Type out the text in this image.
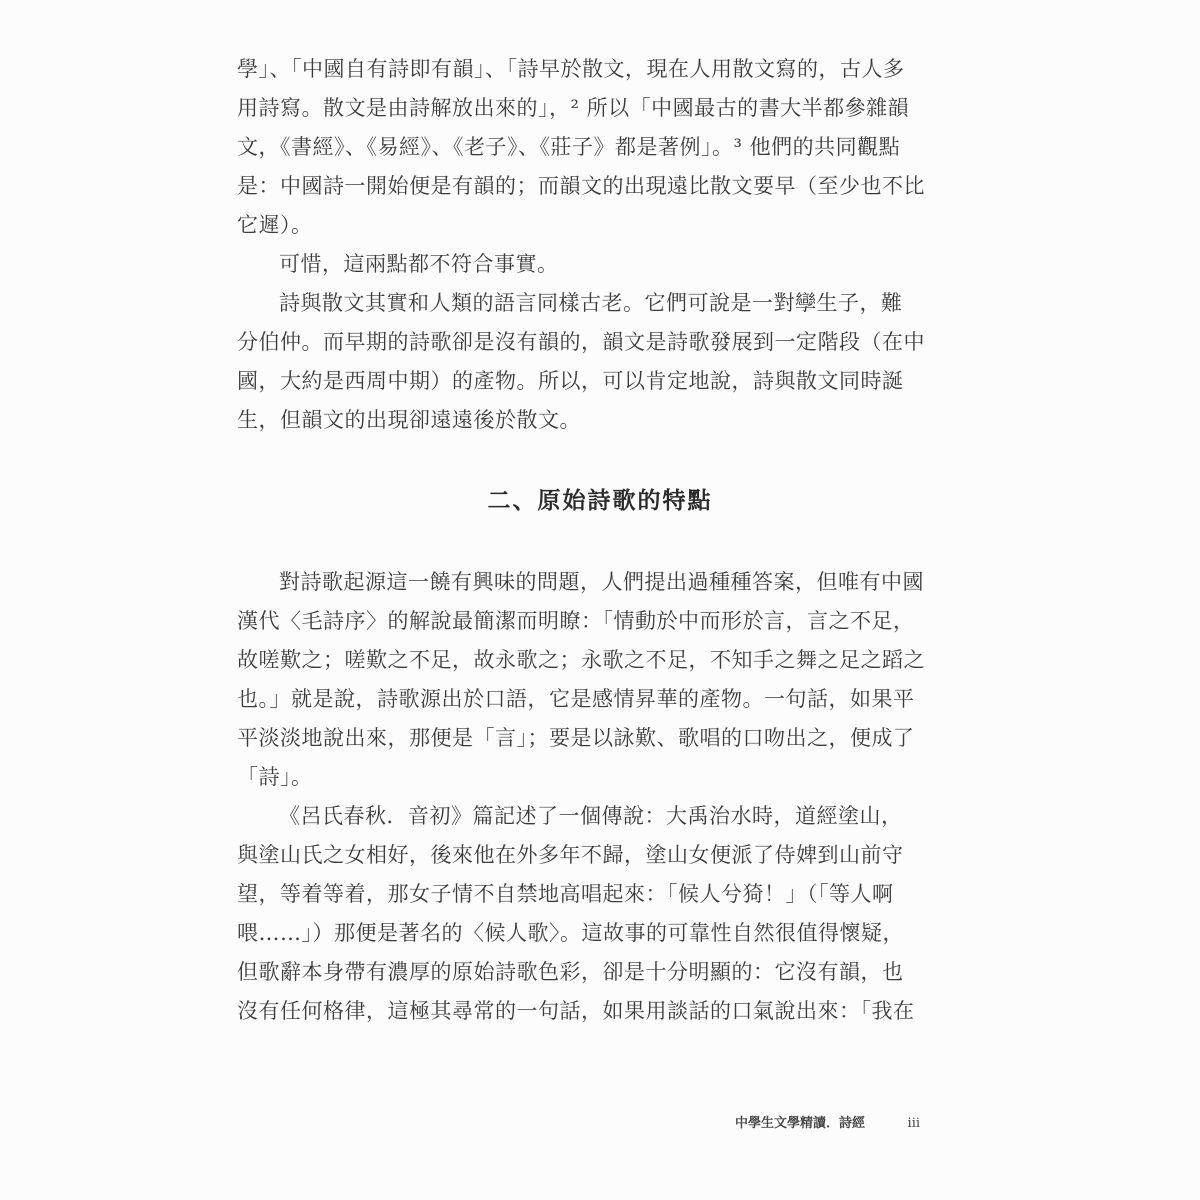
學」、「中國自有詩即有韻」、「詩早於散文，現在人用散文寫的，古人多
用詩寫。散文是由詩解放出來的」，² 所以「中國最古的書大半都參雜韻
文，《書經》、《易經》、《老子》、《莊子》都是著例」。³ 他們的共同觀點
是：中國詩一開始便是有韻的；而韻文的出現遠比散文要早（至少也不比
它遲）。
可惜，這兩點都不符合事實。
詩與散文其實和人類的語言同樣古老。它們可說是一對孿生子，難
分伯仲。而早期的詩歌卻是沒有韻的，韻文是詩歌發展到一定階段（在中
國，大約是西周中期）的產物。所以，可以肯定地說，詩與散文同時誕
生，但韻文的出現卻遠遠後於散文。
二、原始詩歌的特點
對詩歌起源這一饒有興味的問題，人們提出過種種答案，但唯有中國
漢代〈毛詩序〉的解說最簡潔而明瞭：「情動於中而形於言，言之不足，
故嗟歎之；嗟歎之不足，故永歌之；永歌之不足，不知手之舞之足之蹈之
也。」就是說，詩歌源出於口語，它是感情昇華的產物。一句話，如果平
平淡淡地說出來，那便是「言」；要是以詠歎、歌唱的口吻出之，便成了
「詩」。
《呂氏春秋．音初》篇記述了一個傳說：大禹治水時，道經塗山，
與塗山氏之女相好，後來他在外多年不歸，塗山女便派了侍婢到山前守
望，等着等着，那女子情不自禁地高唱起來：「候人兮猗！」（「等人啊
喂……」）那便是著名的〈候人歌〉。這故事的可靠性自然很值得懷疑，
但歌辭本身帶有濃厚的原始詩歌色彩，卻是十分明顯的：它沒有韻，也
沒有任何格律，這極其尋常的一句話，如果用談話的口氣說出來：「我在
中學生文學精讀．詩經	iii
